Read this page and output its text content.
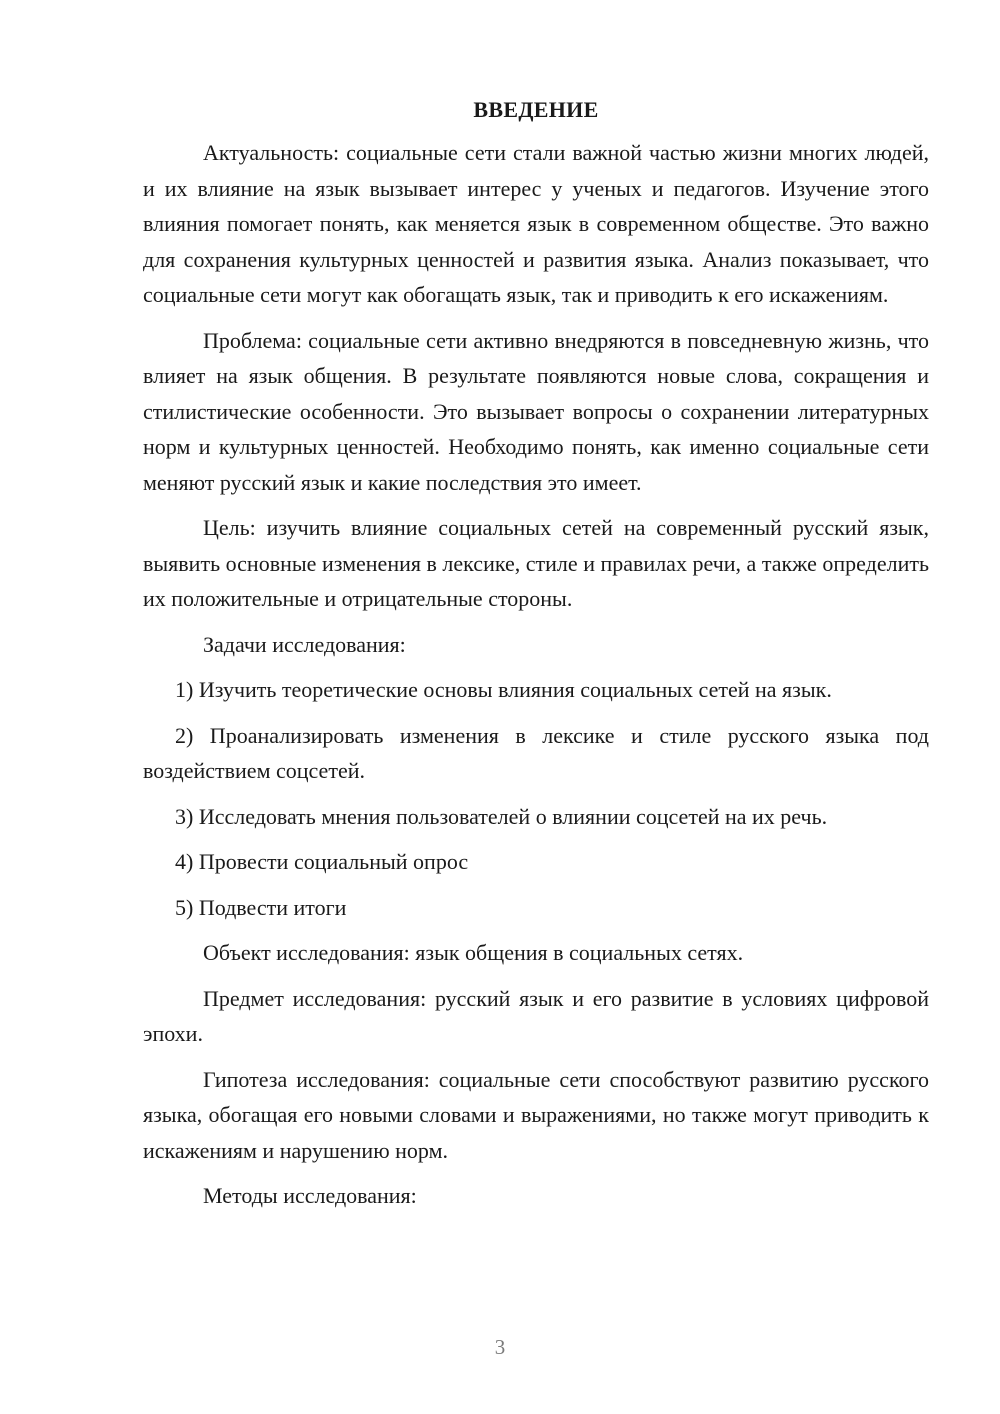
ВВЕДЕНИЕ

Актуальность: социальные сети стали важной частью жизни многих людей, и их влияние на язык вызывает интерес у ученых и педагогов. Изучение этого влияния помогает понять, как меняется язык в современном обществе. Это важно для сохранения культурных ценностей и развития языка. Анализ показывает, что социальные сети могут как обогащать язык, так и приводить к его искажениям.

Проблема: социальные сети активно внедряются в повседневную жизнь, что влияет на язык общения. В результате появляются новые слова, сокращения и стилистические особенности. Это вызывает вопросы о сохранении литературных норм и культурных ценностей. Необходимо понять, как именно социальные сети меняют русский язык и какие последствия это имеет.

Цель: изучить влияние социальных сетей на современный русский язык, выявить основные изменения в лексике, стиле и правилах речи, а также определить их положительные и отрицательные стороны.

Задачи исследования:

1) Изучить теоретические основы влияния социальных сетей на язык.

2) Проанализировать изменения в лексике и стиле русского языка под воздействием соцсетей.

3) Исследовать мнения пользователей о влиянии соцсетей на их речь.

4) Провести социальный опрос

5) Подвести итоги

Объект исследования: язык общения в социальных сетях.

Предмет исследования: русский язык и его развитие в условиях цифровой эпохи.

Гипотеза исследования: социальные сети способствуют развитию русского языка, обогащая его новыми словами и выражениями, но также могут приводить к искажениям и нарушению норм.

Методы исследования:

3
